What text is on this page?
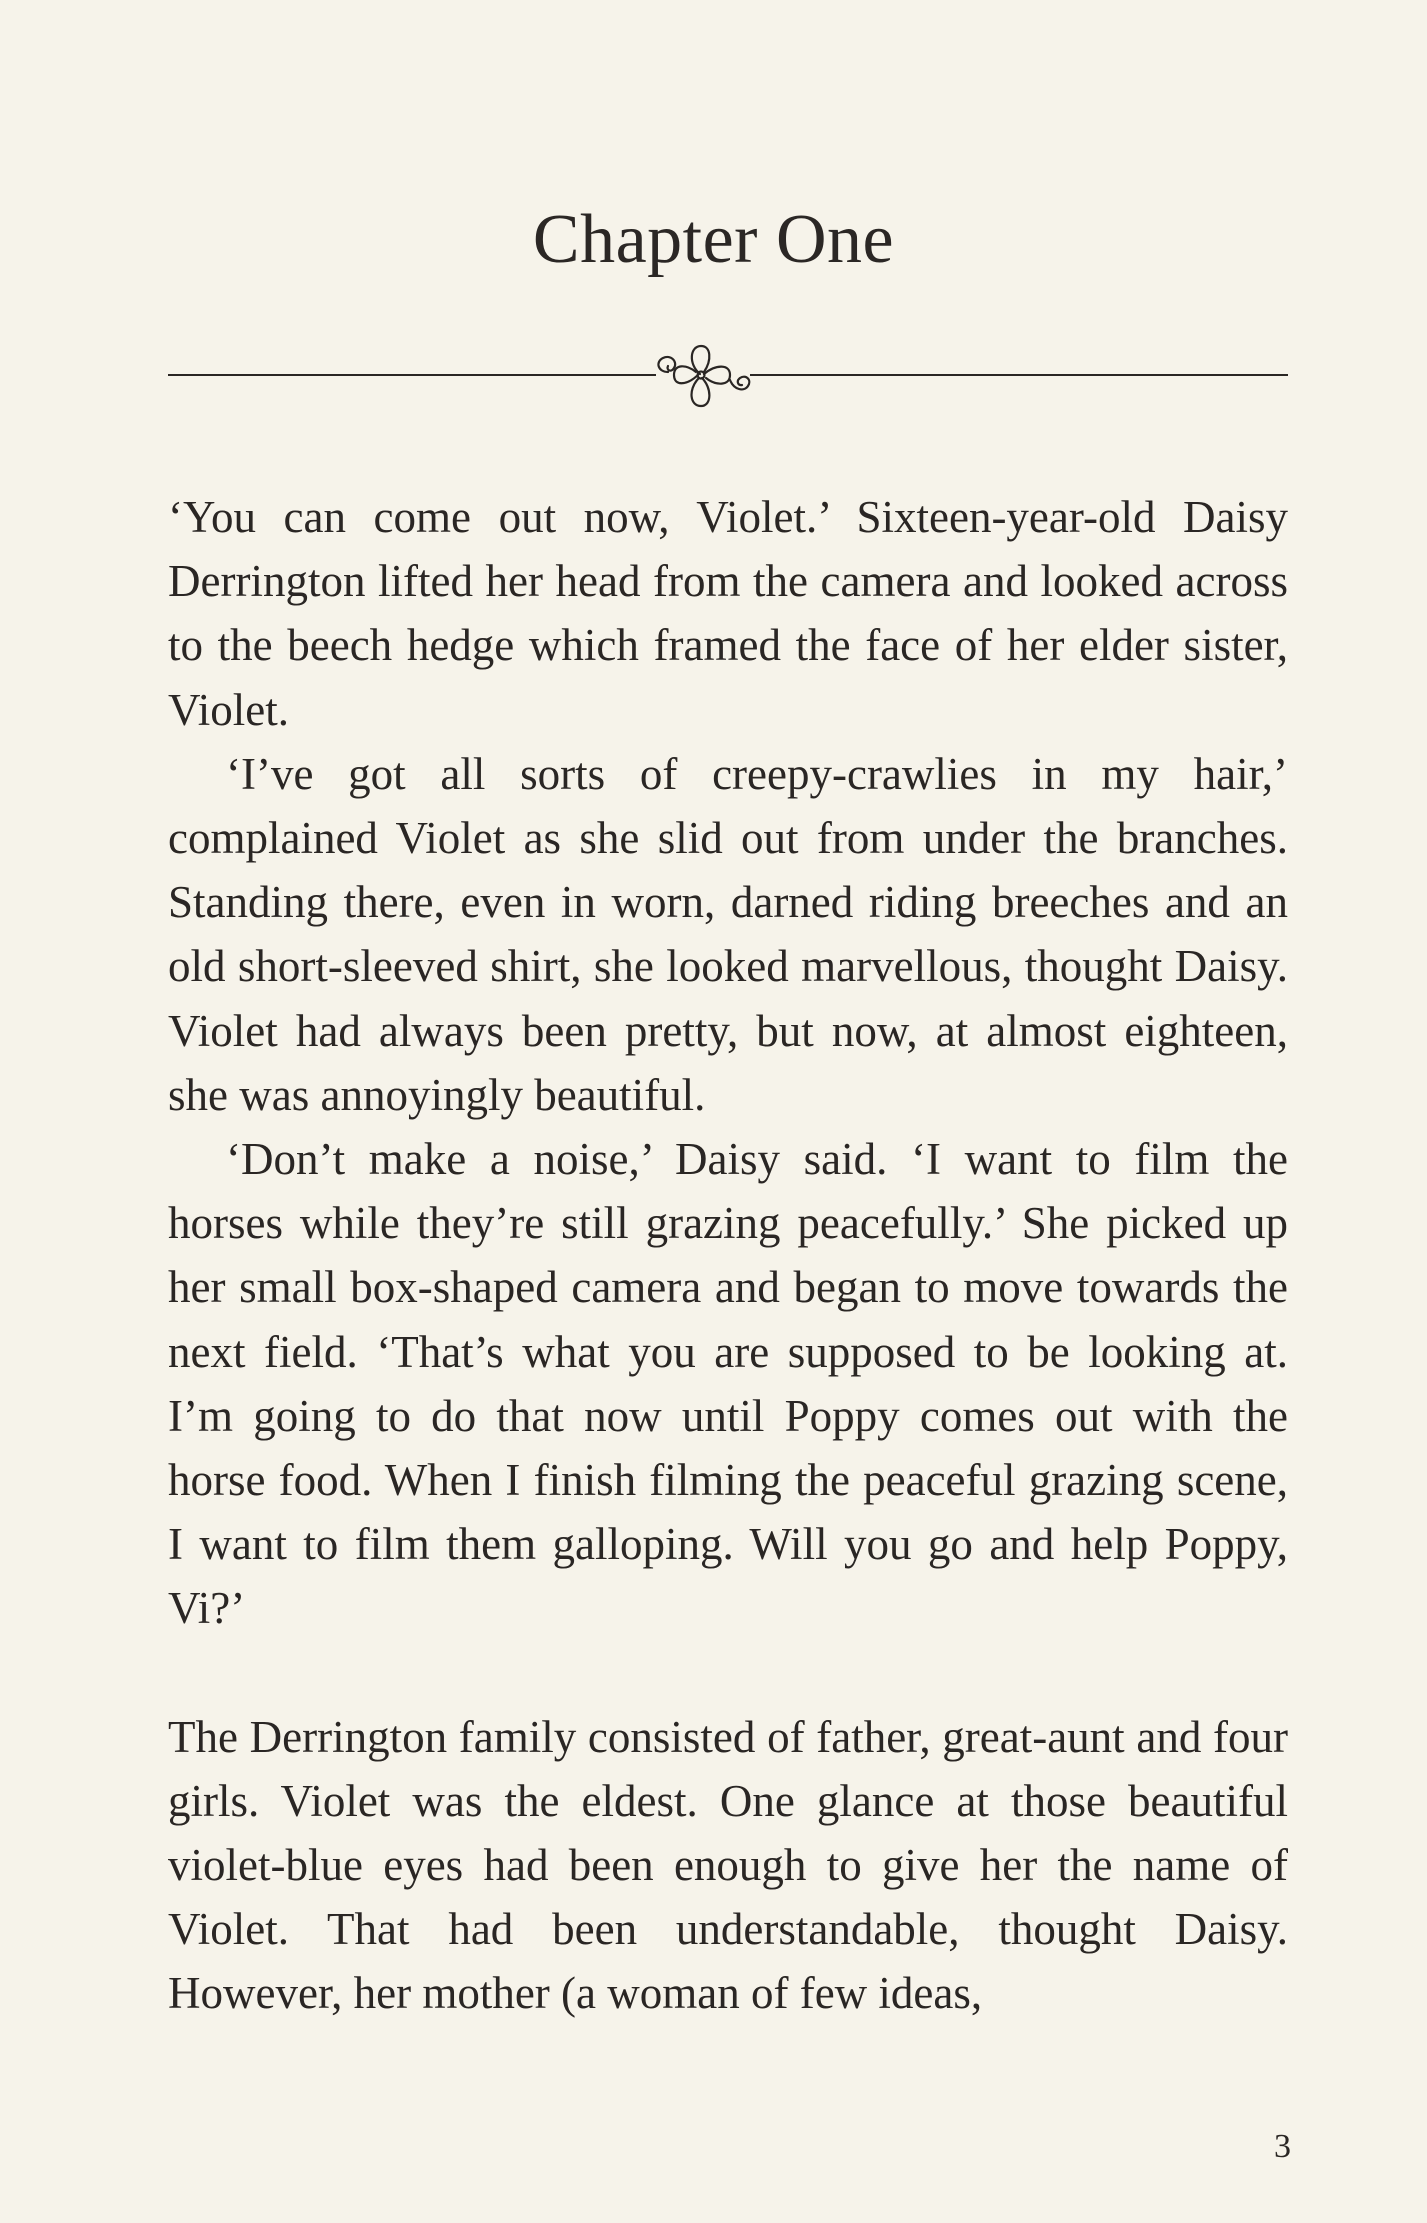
Chapter One

‘You can come out now, Violet.’ Sixteen-year-old Daisy Derrington lifted her head from the camera and looked across to the beech hedge which framed the face of her elder sister, Violet.

‘I’ve got all sorts of creepy-crawlies in my hair,’ complained Violet as she slid out from under the branches. Standing there, even in worn, darned riding breeches and an old short-sleeved shirt, she looked marvellous, thought Daisy. Violet had always been pretty, but now, at almost eighteen, she was annoyingly beautiful.

‘Don’t make a noise,’ Daisy said. ‘I want to film the horses while they’re still grazing peacefully.’ She picked up her small box-shaped camera and began to move towards the next field. ‘That’s what you are supposed to be looking at. I’m going to do that now until Poppy comes out with the horse food. When I finish filming the peaceful grazing scene, I want to film them galloping. Will you go and help Poppy, Vi?’

The Derrington family consisted of father, great-aunt and four girls. Violet was the eldest. One glance at those beautiful violet-blue eyes had been enough to give her the name of Violet. That had been understandable, thought Daisy. However, her mother (a woman of few ideas,

3
